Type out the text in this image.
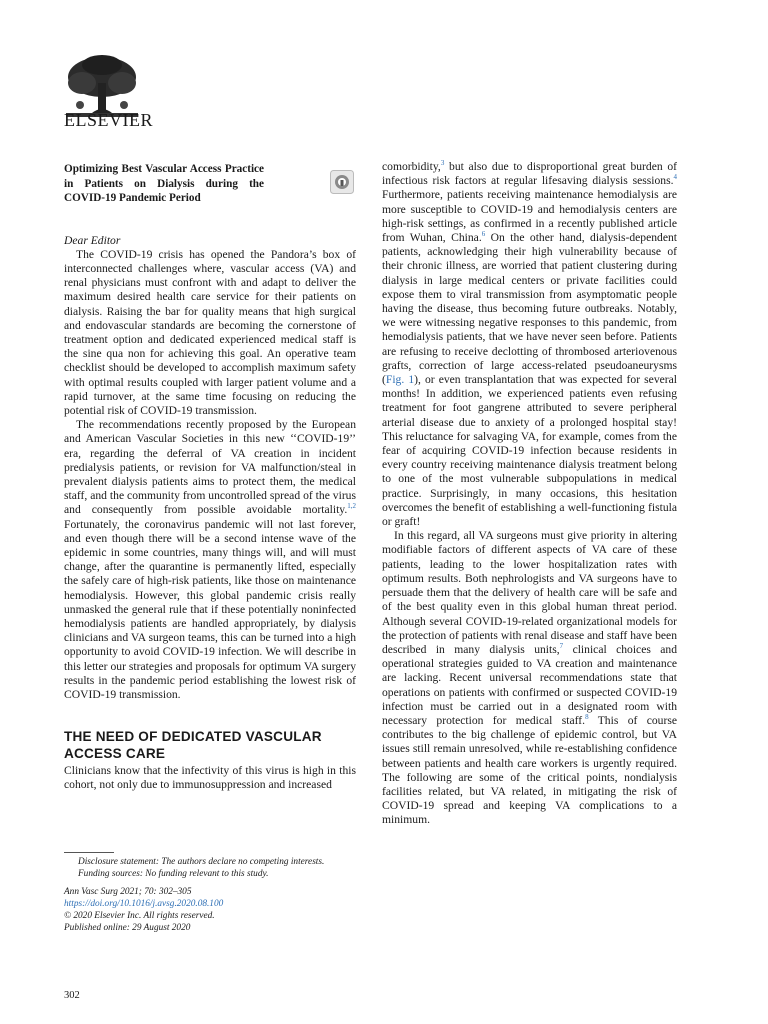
ELSEVIER
Optimizing Best Vascular Access Practice in Patients on Dialysis during the COVID-19 Pandemic Period

Dear Editor

The COVID-19 crisis has opened the Pandora’s box of interconnected challenges where, vascular access (VA) and renal physicians must confront with and adapt to deliver the maximum desired health care service for their patients on dialysis. Raising the bar for quality means that high surgical and endovascular standards are becoming the cornerstone of treatment option and dedicated experienced medical staff is the sine qua non for achieving this goal. An operative team checklist should be developed to accomplish maximum safety with optimal results coupled with larger patient volume and a rapid turnover, at the same time focusing on reducing the potential risk of COVID-19 transmission.

The recommendations recently proposed by the European and American Vascular Societies in this new ‘‘COVID-19’’ era, regarding the deferral of VA creation in incident predialysis patients, or revision for VA malfunction/steal in prevalent dialysis patients aims to protect them, the medical staff, and the community from uncontrolled spread of the virus and consequently from possible avoidable mortality.$^{1,2}$ Fortunately, the coronavirus pandemic will not last forever, and even though there will be a second intense wave of the epidemic in some countries, many things will, and will must change, after the quarantine is permanently lifted, especially the safely care of high-risk patients, like those on maintenance hemodialysis. However, this global pandemic crisis really unmasked the general rule that if these potentially noninfected hemodialysis patients are handled appropriately, by dialysis clinicians and VA surgeon teams, this can be turned into a high opportunity to avoid COVID-19 infection. We will describe in this letter our strategies and proposals for optimum VA surgery results in the pandemic period establishing the lowest risk of COVID-19 transmission.

THE NEED OF DEDICATED VASCULAR ACCESS CARE

Clinicians know that the infectivity of this virus is high in this cohort, not only due to immunosuppression and increased

comorbidity,$^3$ but also due to disproportional great burden of infectious risk factors at regular lifesaving dialysis sessions.$^4$ Furthermore, patients receiving maintenance hemodialysis are more susceptible to COVID-19 and hemodialysis centers are high-risk settings, as confirmed in a recently published article from Wuhan, China.$^6$ On the other hand, dialysis-dependent patients, acknowledging their high vulnerability because of their chronic illness, are worried that patient clustering during dialysis in large medical centers or private facilities could expose them to viral transmission from asymptomatic people having the disease, thus becoming future outbreaks. Notably, we were witnessing negative responses to this pandemic, from hemodialysis patients, that we have never seen before. Patients are refusing to receive declotting of thrombosed arteriovenous grafts, correction of large access-related pseudoaneurysms (Fig. 1), or even transplantation that was expected for several months! In addition, we experienced patients even refusing treatment for foot gangrene attributed to severe peripheral arterial disease due to anxiety of a prolonged hospital stay! This reluctance for salvaging VA, for example, comes from the fear of acquiring COVID-19 infection because residents in every country receiving maintenance dialysis treatment belong to one of the most vulnerable subpopulations in medical practice. Surprisingly, in many occasions, this hesitation overcomes the benefit of establishing a well-functioning fistula or graft!

In this regard, all VA surgeons must give priority in altering modifiable factors of different aspects of VA care of these patients, leading to the lower hospitalization rates with optimum results. Both nephrologists and VA surgeons have to persuade them that the delivery of health care will be safe and of the best quality even in this global human threat period. Although several COVID-19-related organizational models for the protection of patients with renal disease and staff have been described in many dialysis units,$^7$ clinical choices and operational strategies guided to VA creation and maintenance are lacking. Recent universal recommendations state that operations on patients with confirmed or suspected COVID-19 infection must be carried out in a designated room with necessary protection for medical staff.$^8$ This of course contributes to the big challenge of epidemic control, but VA issues still remain unresolved, while re-establishing confidence between patients and health care workers is urgently required. The following are some of the critical points, nondialysis facilities related, but VA related, in mitigating the risk of COVID-19 spread and keeping VA complications to a minimum.

Disclosure statement: The authors declare no competing interests.
Funding sources: No funding relevant to this study.
Ann Vasc Surg 2021; 70: 302–305
https://doi.org/10.1016/j.avsg.2020.08.100
© 2020 Elsevier Inc. All rights reserved.
Published online: 29 August 2020
302
